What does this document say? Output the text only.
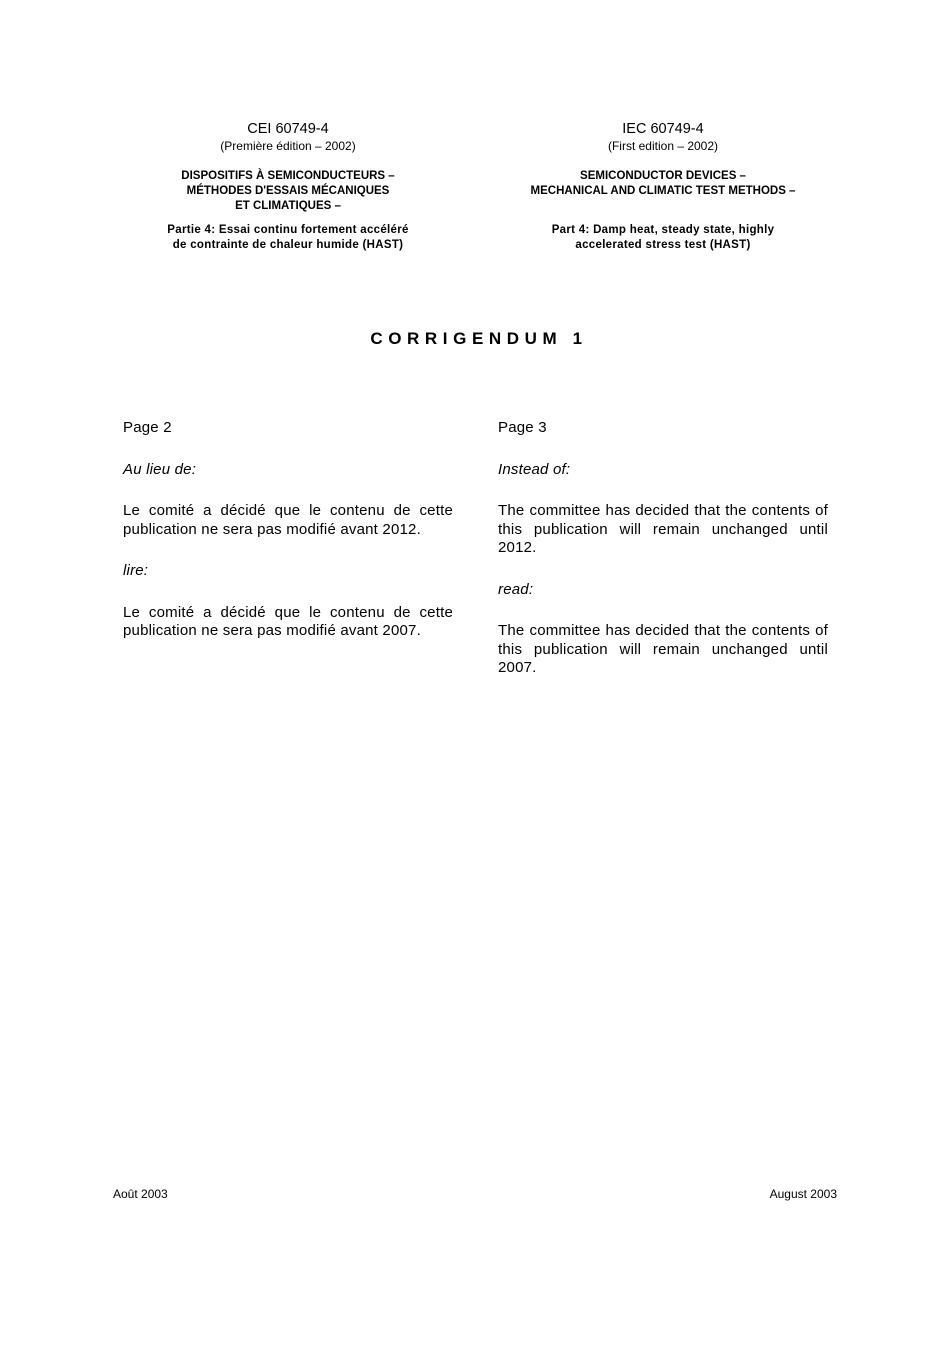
CEI 60749-4
(Première édition – 2002)
DISPOSITIFS À SEMICONDUCTEURS –
MÉTHODES D'ESSAIS MÉCANIQUES
ET CLIMATIQUES –
Partie 4: Essai continu fortement accéléré
de contrainte de chaleur humide (HAST)
IEC 60749-4
(First edition – 2002)
SEMICONDUCTOR DEVICES –
MECHANICAL AND CLIMATIC TEST METHODS –
Part 4: Damp heat, steady state, highly
accelerated stress test (HAST)
CORRIGENDUM 1

Page 2

Au lieu de:

Le comité a décidé que le contenu de cette publication ne sera pas modifié avant 2012.

lire:

Le comité a décidé que le contenu de cette publication ne sera pas modifié avant 2007.

Page 3

Instead of:

The committee has decided that the contents of this publication will remain unchanged until 2012.

read:

The committee has decided that the contents of this publication will remain unchanged until 2007.

Août 2003	August 2003
